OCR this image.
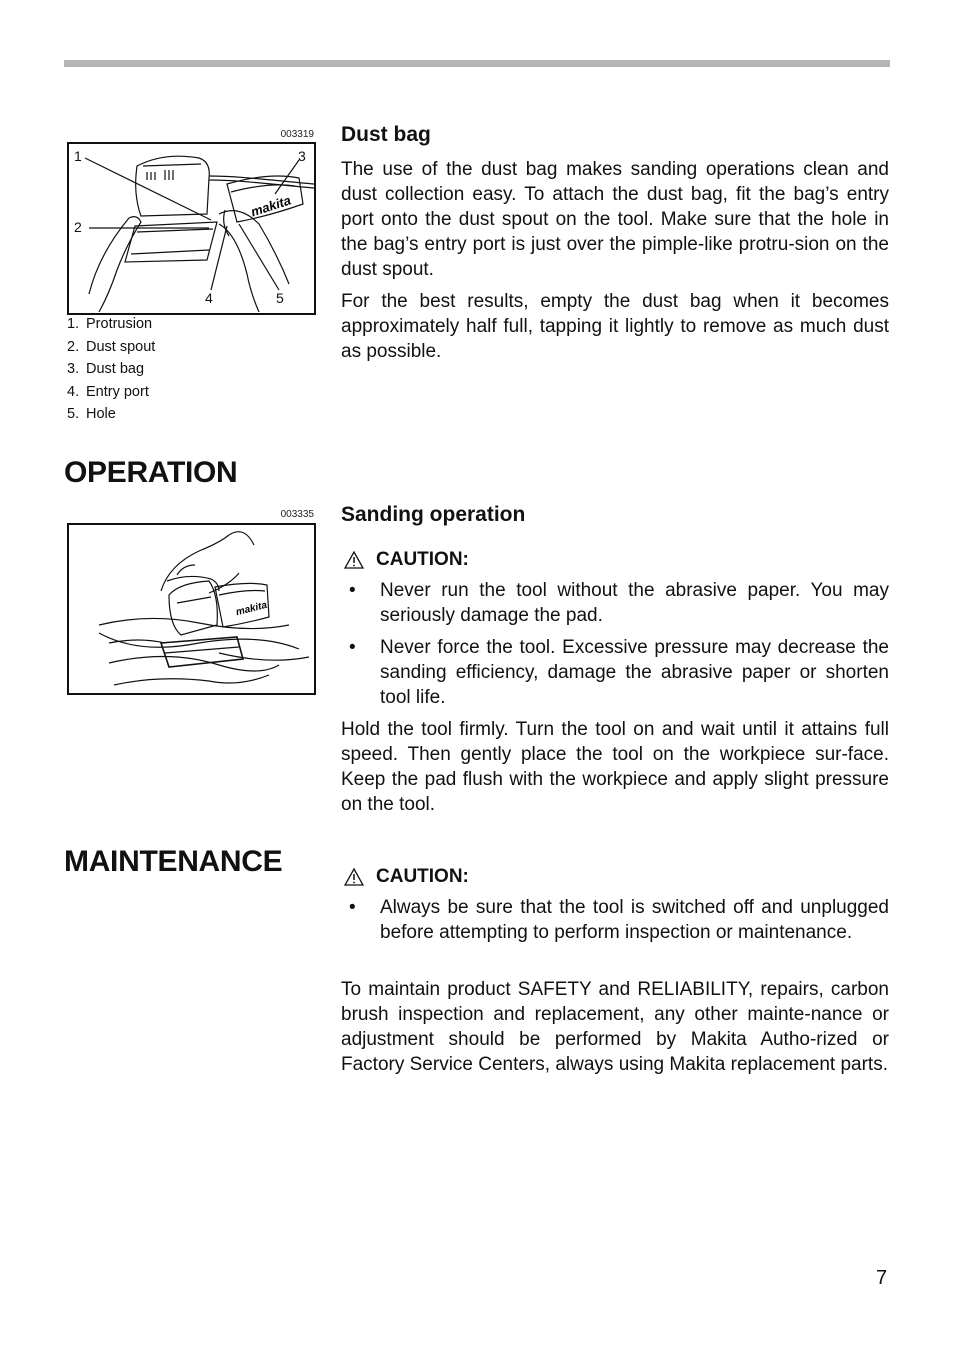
003319
makita
1
2
3
4	5
1. Protrusion
2. Dust spout
3. Dust bag
4. Entry port
5. Hole
Dust bag

The use of the dust bag makes sanding operations clean and dust collection easy. To attach the dust bag, fit the bag’s entry port onto the dust spout on the tool. Make sure that the hole in the bag’s entry port is just over the pimple-like protru-sion on the dust spout.

For the best results, empty the dust bag when it becomes approximately half full, tapping it lightly to remove as much dust as possible.

OPERATION
003335
makita
Sanding operation
CAUTION:
• Never run the tool without the abrasive paper. You may seriously damage the pad.
• Never force the tool. Excessive pressure may decrease the sanding efficiency, damage the abrasive paper or shorten tool life.

Hold the tool firmly. Turn the tool on and wait until it attains full speed. Then gently place the tool on the workpiece sur-face. Keep the pad flush with the workpiece and apply slight pressure on the tool.

MAINTENANCE	CAUTION:
• Always be sure that the tool is switched off and unplugged before attempting to perform inspection or maintenance.

To maintain product SAFETY and RELIABILITY, repairs, carbon brush inspection and replacement, any other mainte-nance or adjustment should be performed by Makita Autho-rized or Factory Service Centers, always using Makita replacement parts.

7
